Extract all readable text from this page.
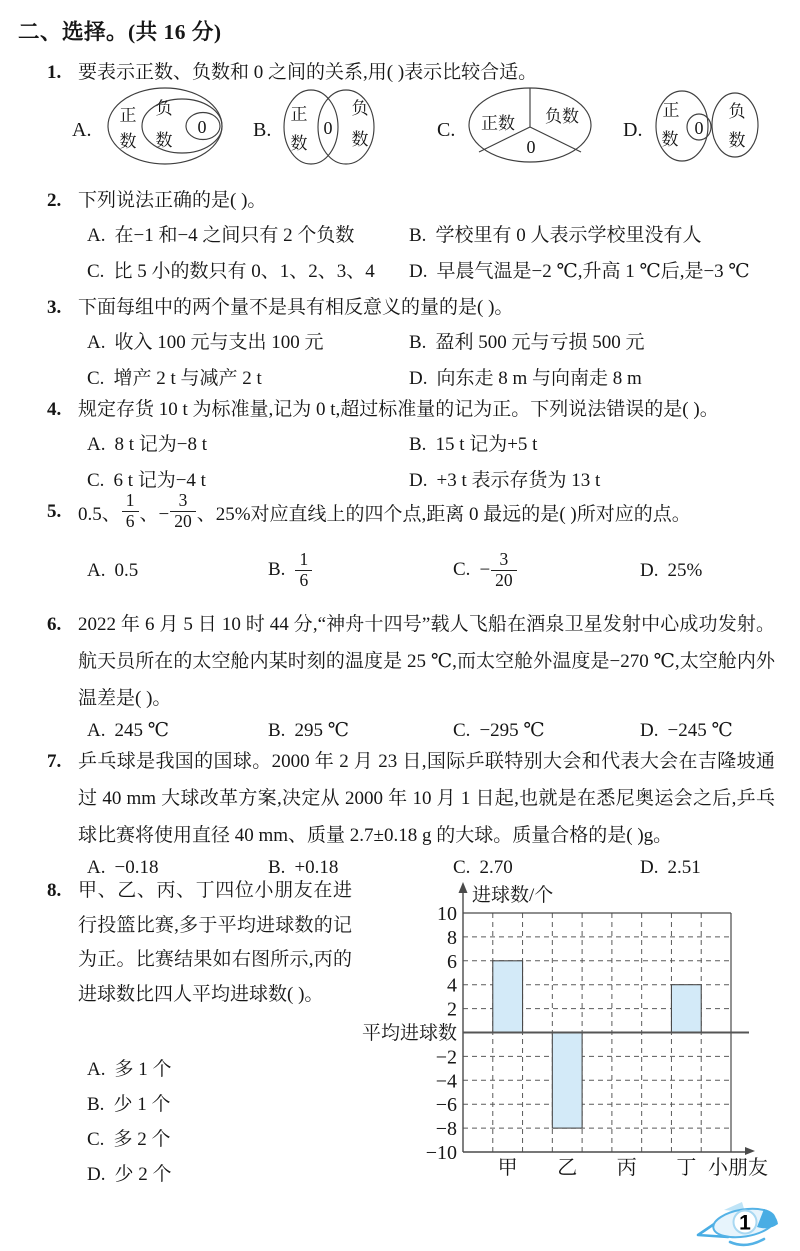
二、选择。(共 16 分)
1. 要表示正数、负数和 0 之间的关系,用( )表示比较合适。
A.
正
数
负
数
0 B.
正
数
0
负
数	C. 正数 负数
0
D.
正
数
0
负
数
2. 下列说法正确的是( )。
A. 在−1 和−4 之间只有 2 个负数	B. 学校里有 0 人表示学校里没有人
C. 比 5 小的数只有 0、1、2、3、4	D. 早晨气温是−2 ℃,升高 1 ℃后,是−3 ℃
3. 下面每组中的两个量不是具有相反意义的量的是( )。
A. 收入 100 元与支出 100 元	B. 盈利 500 元与亏损 500 元
C. 增产 2 t 与减产 2 t	D. 向东走 8 m 与向南走 8 m
4. 规定存货 10 t 为标准量,记为 0 t,超过标准量的记为正。下列说法错误的是( )。
A. 8 t 记为−8 t	B. 15 t 记为+5 t
C. 6 t 记为−4 t	D. +3 t 表示存货为 13 t
5. 0.5、 $\frac{1}{6}$ 、− $\frac{3}{20}$ 、25%对应直线上的四个点,距离 0 最远的是( )所对应的点。
A. 0.5	B. $\frac{1}{6}$	C. − $\frac{3}{20}$	D. 25%
6. 2022 年 6 月 5 日 10 时 44 分,“神舟十四号”载人飞船在酒泉卫星发射中心成功发射。航天员所在的太空舱内某时刻的温度是 25 ℃,而太空舱外温度是−270 ℃,太空舱内外温差是( )。
A. 245 ℃	B. 295 ℃	C. −295 ℃	D. −245 ℃
7. 乒乓球是我国的国球。2000 年 2 月 23 日,国际乒联特别大会和代表大会在吉隆坡通过 40 mm 大球改革方案,决定从 2000 年 10 月 1 日起,也就是在悉尼奥运会之后,乒乓球比赛将使用直径 40 mm、质量 2.7±0.18 g 的大球。质量合格的是( )g。
A. −0.18	B. +0.18	C. 2.70	D. 2.51
8. 甲、乙、丙、丁四位小朋友在进行投篮比赛,多于平均进球数的记为正。比赛结果如右图所示,丙的进球数比四人平均进球数( )。
A. 多 1 个
B. 少 1 个
C. 多 2 个
D. 少 2 个
10
8
6
4
2
−2
−4
−6
−8
−10
平均进球数
进球数/个
甲 乙 丙 丁 小朋友
1
